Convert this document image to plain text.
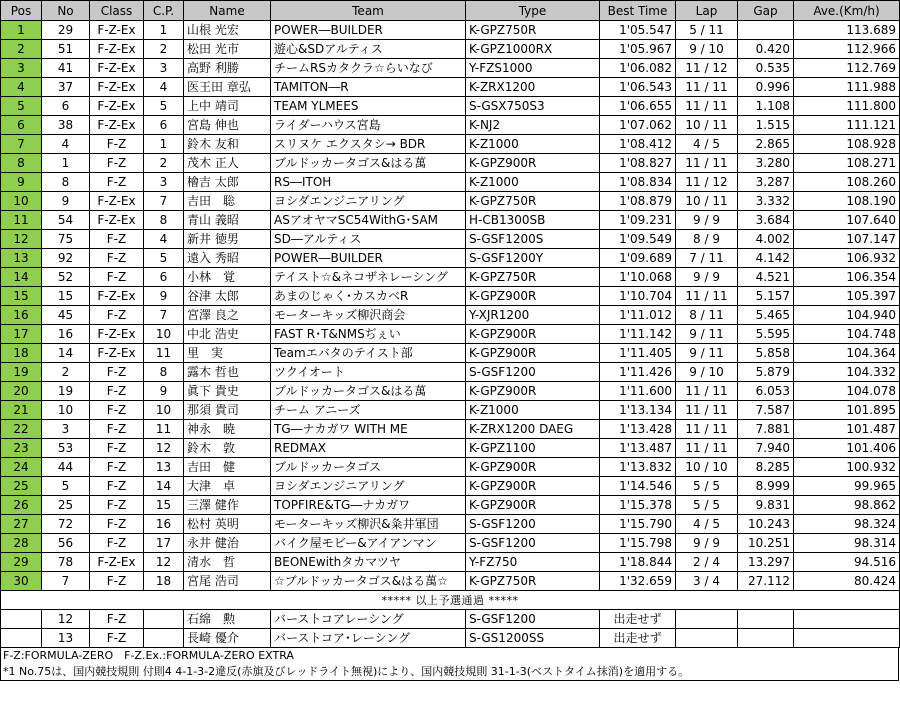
Pos	No	Class	C.P.	Name	Team	Type	Best Time	Lap	Gap	Ave.(Km/h)
1	29	F-Z-Ex	1	山根 光宏	POWER―BUILDER	K-GPZ750R	1'05.547	5 / 11		113.689
2	51	F-Z-Ex	2	松田 光市	遊心&SDアルティス	K-GPZ1000RX	1'05.967	9 / 10	0.420	112.966
3	41	F-Z-Ex	3	高野 利勝	チームRSカタクラ☆らいなび	Y-FZS1000	1'06.082	11 / 12	0.535	112.769
4	37	F-Z-Ex	4	医王田 章弘	TAMITON―R	K-ZRX1200	1'06.543	11 / 11	0.996	111.988
5	6	F-Z-Ex	5	上中 靖司	TEAM YLMEES	S-GSX750S3	1'06.655	11 / 11	1.108	111.800
6	38	F-Z-Ex	6	宮島 伸也	ライダーハウス宮島	K-NJ2	1'07.062	10 / 11	1.515	111.121
7	4	F-Z	1	鈴木 友和	スリヌケ エクスタシ→ BDR	K-Z1000	1'08.412	4 / 5	2.865	108.928
8	1	F-Z	2	茂木 正人	ブルドッカータゴス&はる萬	K-GPZ900R	1'08.827	11 / 11	3.280	108.271
9	8	F-Z	3	檜吉 太郎	RS―ITOH	K-Z1000	1'08.834	11 / 12	3.287	108.260
10	9	F-Z-Ex	7	吉田　聡	ヨシダエンジニアリング	K-GPZ750R	1'08.879	10 / 11	3.332	108.190
11	54	F-Z-Ex	8	青山 義昭	ASアオヤマSC54WithG･SAM	H-CB1300SB	1'09.231	9 / 9	3.684	107.640
12	75	F-Z	4	新井 徳男	SD―アルティス	S-GSF1200S	1'09.549	8 / 9	4.002	107.147
13	92	F-Z	5	遠入 秀昭	POWER―BUILDER	S-GSF1200Y	1'09.689	7 / 11	4.142	106.932
14	52	F-Z	6	小林　覚	テイスト☆&ネコザネレーシング	K-GPZ750R	1'10.068	9 / 9	4.521	106.354
15	15	F-Z-Ex	9	谷津 太郎	あまのじゃく･カスカベR	K-GPZ900R	1'10.704	11 / 11	5.157	105.397
16	45	F-Z	7	宮澤 良之	モーターキッズ柳沢商会	Y-XJR1200	1'11.012	8 / 11	5.465	104.940
17	16	F-Z-Ex	10	中北 浩史	FAST R･T&NMSぢぇい	K-GPZ900R	1'11.142	9 / 11	5.595	104.748
18	14	F-Z-Ex	11	里　実	Teamエバタのテイスト部	K-GPZ900R	1'11.405	9 / 11	5.858	104.364
19	2	F-Z	8	露木 哲也	ツクイオート	S-GSF1200	1'11.426	9 / 10	5.879	104.332
20	19	F-Z	9	眞下 貴史	ブルドッカータゴス&はる萬	K-GPZ900R	1'11.600	11 / 11	6.053	104.078
21	10	F-Z	10	那須 貴司	チーム アニーズ	K-Z1000	1'13.134	11 / 11	7.587	101.895
22	3	F-Z	11	神永　暁	TG―ナカガワ WITH ME	K-ZRX1200 DAEG	1'13.428	11 / 11	7.881	101.487
23	53	F-Z	12	鈴木　敦	REDMAX	K-GPZ1100	1'13.487	11 / 11	7.940	101.406
24	44	F-Z	13	吉田　健	ブルドッカータゴス	K-GPZ900R	1'13.832	10 / 10	8.285	100.932
25	5	F-Z	14	大津　卓	ヨシダエンジニアリング	K-GPZ900R	1'14.546	5 / 5	8.999	99.965
26	25	F-Z	15	三澤 健作	TOPFIRE&TG―ナカガワ	K-GPZ900R	1'15.378	5 / 5	9.831	98.862
27	72	F-Z	16	松村 英明	モーターキッズ柳沢&粂井軍団	S-GSF1200	1'15.790	4 / 5	10.243	98.324
28	56	F-Z	17	永井 健治	バイク屋モビー&アイアンマン	S-GSF1200	1'15.798	9 / 9	10.251	98.314
29	78	F-Z-Ex	12	清水　哲	BEONEwithタカマツヤ	Y-FZ750	1'18.844	2 / 4	13.297	94.516
30	7	F-Z	18	宮尾 浩司	☆ブルドッカータゴス&はる萬☆	K-GPZ750R	1'32.659	3 / 4	27.112	80.424
***** 以上予選通過 *****										
	12	F-Z		石綿　勲	バーストコアレーシング	S-GSF1200	出走せず			
	13	F-Z		長崎 優介	バーストコア･レーシング	S-GS1200SS	出走せず			
F-Z:FORMULA-ZERO　F-Z.Ex.:FORMULA-ZERO EXTRA
*1 No.75は、国内競技規則 付則4 4-1-3-2違反(赤旗及びレッドライト無視)により、国内競技規則 31-1-3(ベストタイム抹消)を適用する。
